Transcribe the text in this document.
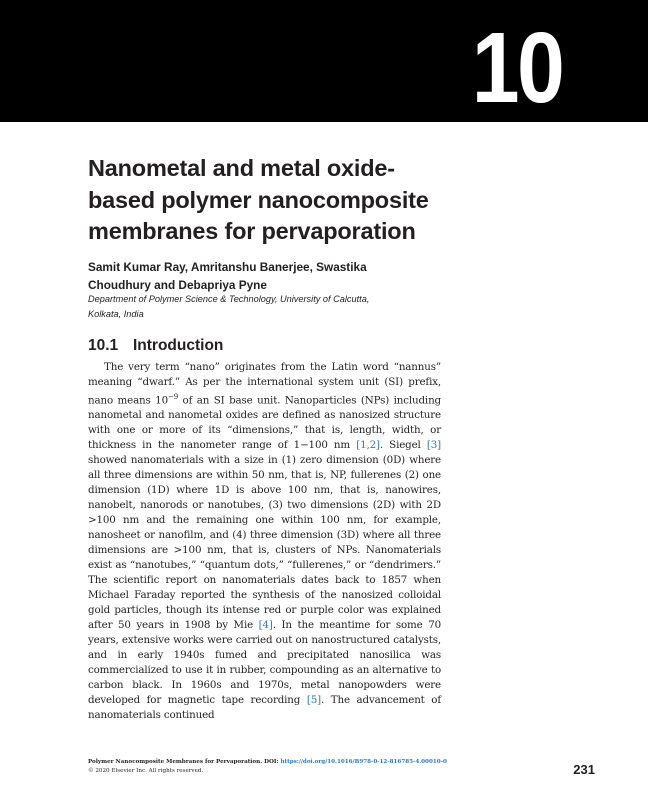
10
Nanometal and metal oxide-
based polymer nanocomposite
membranes for pervaporation
Samit Kumar Ray, Amritanshu Banerjee, Swastika
Choudhury and Debapriya Pyne
Department of Polymer Science & Technology, University of Calcutta,
Kolkata, India
10.1 Introduction

The very term “nano” originates from the Latin word “nannus” meaning “dwarf.” As per the international system unit (SI) prefix, nano means $10^{-9}$ of an SI base unit. Nanoparticles (NPs) including nanometal and nanometal oxides are defined as nanosized structure with one or more of its “dimensions,” that is, length, width, or thickness in the nanometer range of 1−100 nm [1,2]. Siegel [3] showed nanomaterials with a size in (1) zero dimension (0D) where all three dimensions are within 50 nm, that is, NP, fullerenes (2) one dimension (1D) where 1D is above 100 nm, that is, nanowires, nanobelt, nanorods or nanotubes, (3) two dimensions (2D) with 2D >100 nm and the remaining one within 100 nm, for example, nanosheet or nanofilm, and (4) three dimension (3D) where all three dimensions are >100 nm, that is, clusters of NPs. Nanomaterials exist as “nanotubes,” “quantum dots,” “fullerenes,” or “dendrimers.” The scientific report on nanomaterials dates back to 1857 when Michael Faraday reported the synthesis of the nanosized colloidal gold particles, though its intense red or purple color was explained after 50 years in 1908 by Mie [4]. In the meantime for some 70 years, extensive works were carried out on nanostructured catalysts, and in early 1940s fumed and precipitated nanosilica was commercialized to use it in rubber, compounding as an alternative to carbon black. In 1960s and 1970s, metal nanopowders were developed for magnetic tape recording [5]. The advancement of nanomaterials continued

Polymer Nanocomposite Membranes for Pervaporation. DOI: https://doi.org/10.1016/B978-0-12-816785-4.00010-0
© 2020 Elsevier Inc. All rights reserved.	231
